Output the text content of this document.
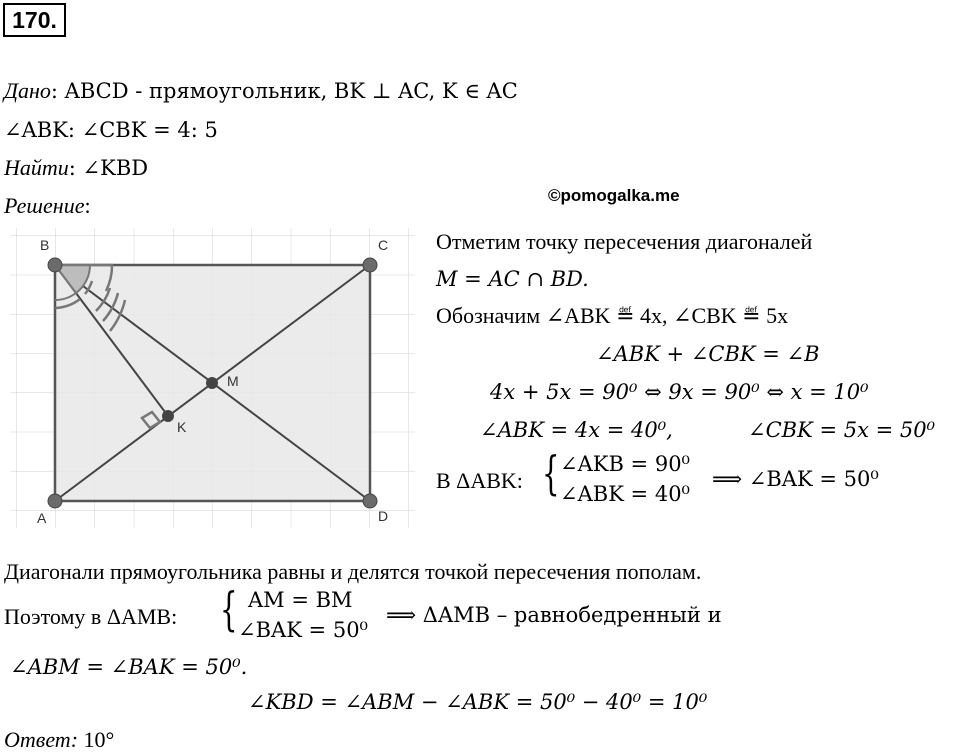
170.
Дано: ABCD - прямоугольник, BK ⊥ AC, K ∈ AC
∠ABK: ∠CBK = 4: 5
Найти: ∠KBD
Решение:	©pomogalka.me
B	C
A	D
M
K
Отметим точку пересечения диагоналей
M = AC ∩ BD.
Обозначим ∠ABK ≝ 4x, ∠CBK ≝ 5x
∠ABK + ∠CBK = ∠B
4x + 5x = 90⁰ ⇔ 9x = 90⁰ ⇔ x = 10⁰
∠ABK = 4x = 40⁰,	∠CBK = 5x = 50⁰
В ΔABK: { ∠AKB = 90⁰
∠ABK = 40⁰
⟹ ∠BAK = 50⁰
Диагонали прямоугольника равны и делятся точкой пересечения пополам.
Поэтому в ΔAMB: { AM = BM
∠BAK = 50⁰
⟹ ΔAMB – равнобедренный и
∠ABM = ∠BAK = 50⁰.
∠KBD = ∠ABM − ∠ABK = 50⁰ − 40⁰ = 10⁰
Ответ: 10°
